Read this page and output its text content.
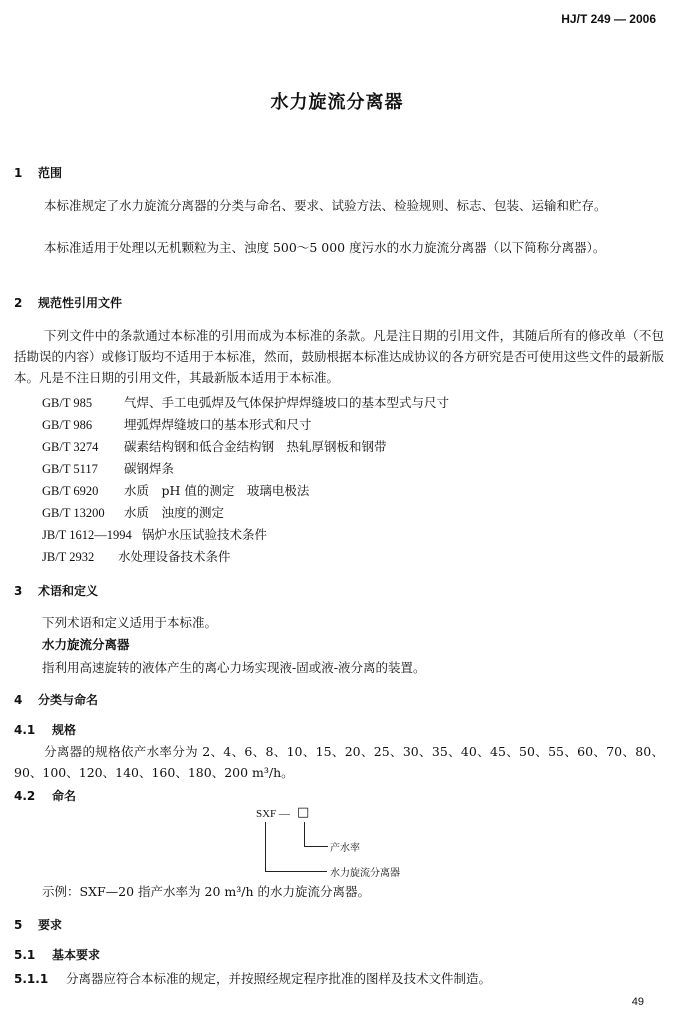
HJ/T 249 — 2006
水力旋流分离器
1 范围
本标准规定了水力旋流分离器的分类与命名、要求、试验方法、检验规则、标志、包装、运输和贮存。
本标准适用于处理以无机颗粒为主、浊度 500～5 000 度污水的水力旋流分离器（以下简称分离器）。
2 规范性引用文件
下列文件中的条款通过本标准的引用而成为本标准的条款。凡是注日期的引用文件，其随后所有的修改单（不包括勘误的内容）或修订版均不适用于本标准，然而，鼓励根据本标准达成协议的各方研究是否可使用这些文件的最新版本。凡是不注日期的引用文件，其最新版本适用于本标准。
GB/T 985	气焊、手工电弧焊及气体保护焊焊缝坡口的基本型式与尺寸
GB/T 986	埋弧焊焊缝坡口的基本形式和尺寸
GB/T 3274 碳素结构钢和低合金结构钢　热轧厚钢板和钢带
GB/T 5117 碳钢焊条
GB/T 6920 水质　pH 值的测定　玻璃电极法
GB/T 13200 水质　浊度的测定
JB/T 1612—1994 锅炉水压试验技术条件
JB/T 2932 水处理设备技术条件
3 术语和定义
下列术语和定义适用于本标准。
水力旋流分离器
指利用高速旋转的液体产生的离心力场实现液-固或液-液分离的装置。
4 分类与命名
4.1 规格
分离器的规格依产水率分为 2、4、6、8、10、15、20、25、30、35、40、45、50、55、60、70、80、90、100、120、140、160、180、200 m³/h。
4.2 命名
SXF — □
产水率
水力旋流分离器
示例：SXF—20 指产水率为 20 m³/h 的水力旋流分离器。
5 要求
5.1 基本要求
5.1.1 分离器应符合本标准的规定，并按照经规定程序批准的图样及技术文件制造。
49
